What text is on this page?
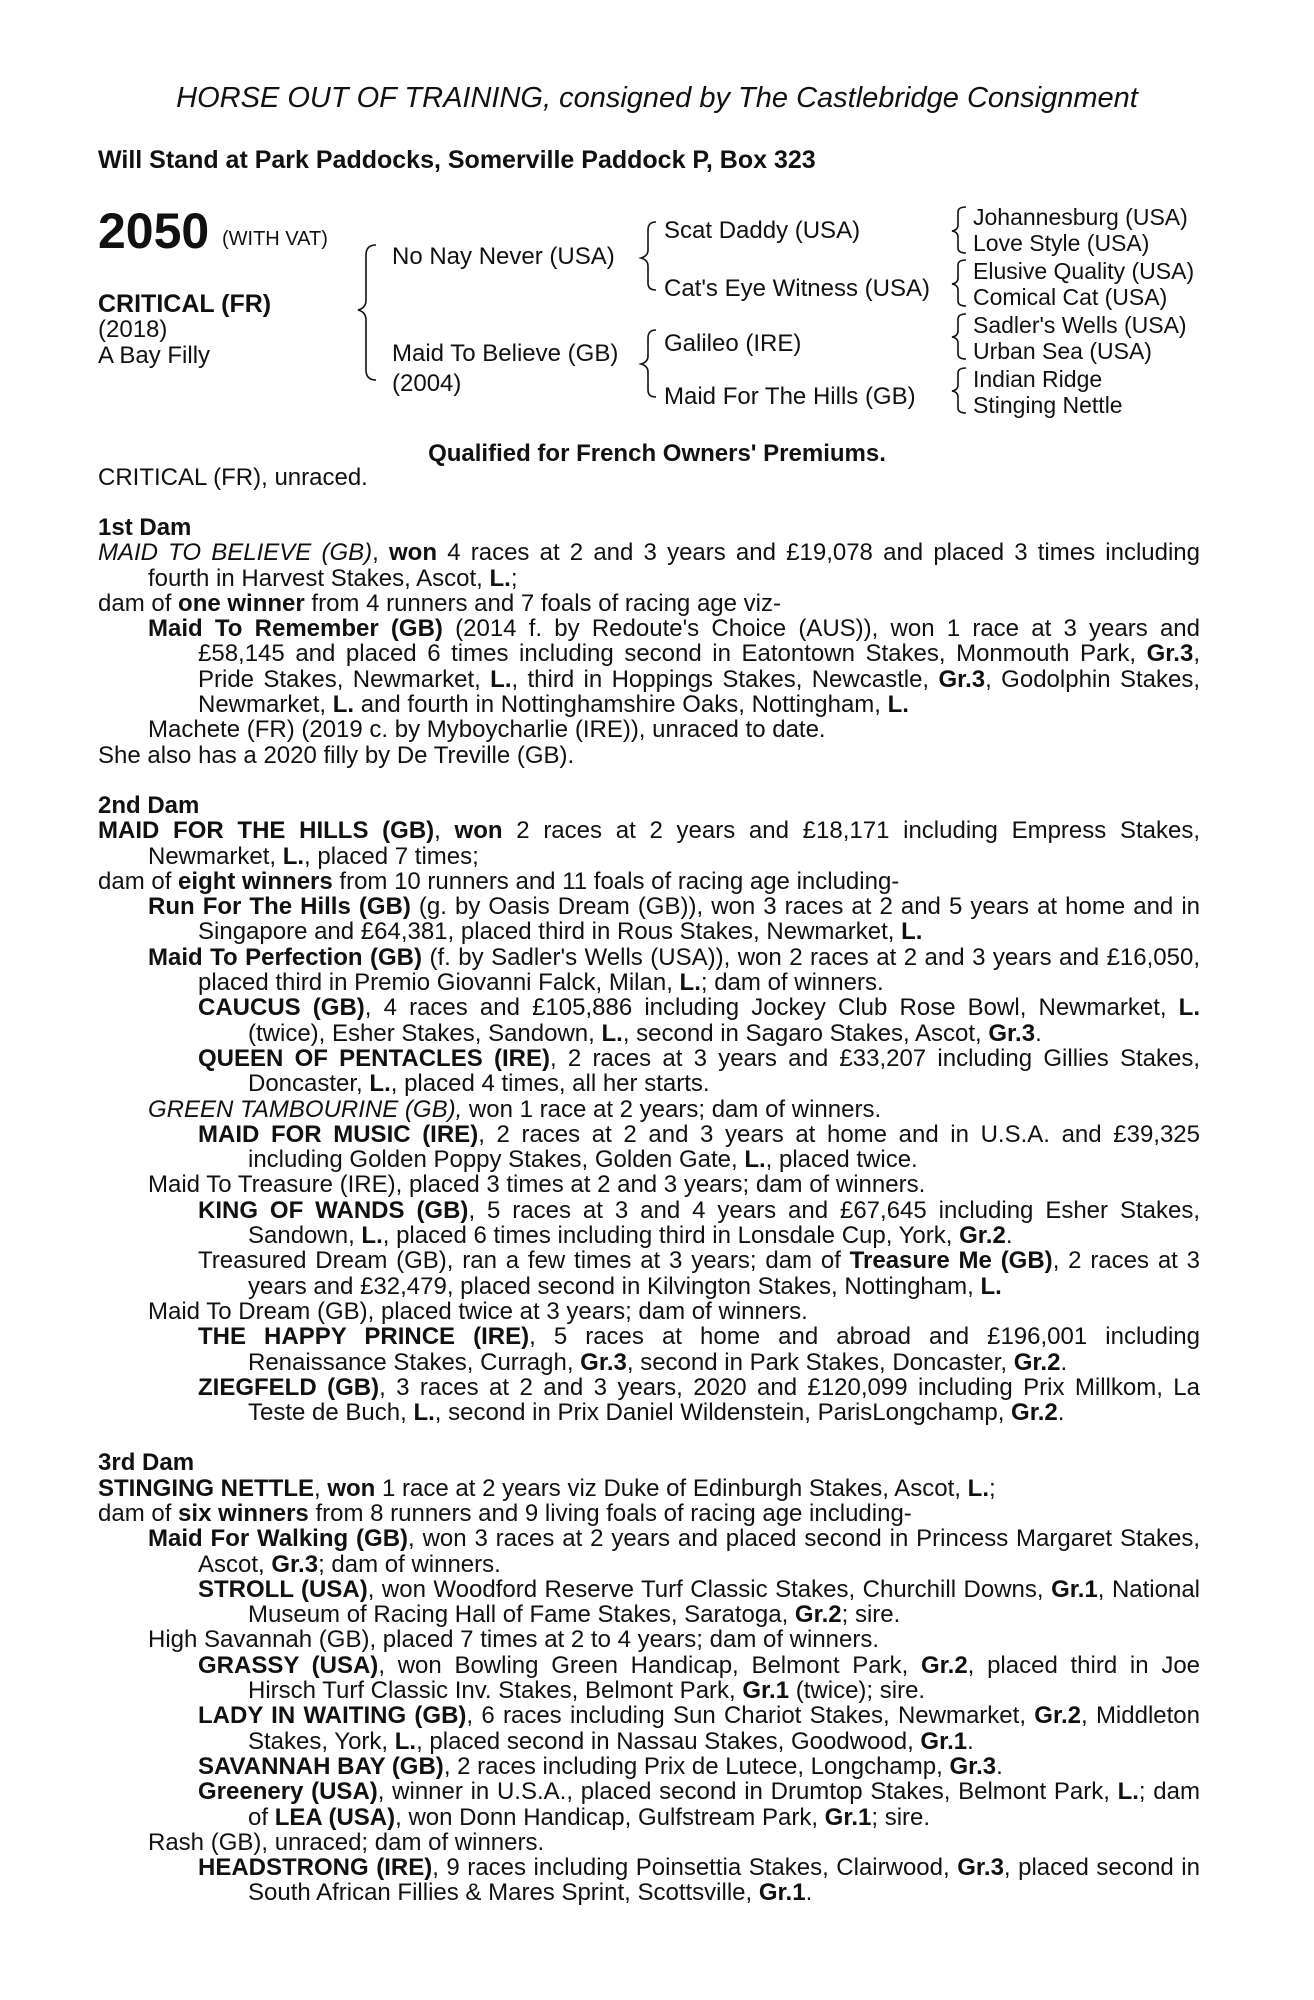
HORSE OUT OF TRAINING, consigned by The Castlebridge Consignment
Will Stand at Park Paddocks, Somerville Paddock P, Box 323
2050 (WITH VAT)
CRITICAL (FR)
(2018)
A Bay Filly
No Nay Never (USA)
Maid To Believe (GB)
(2004)
Scat Daddy (USA)
Cat's Eye Witness (USA)
Galileo (IRE)
Maid For The Hills (GB)
Johannesburg (USA)
Love Style (USA)
Elusive Quality (USA)
Comical Cat (USA)
Sadler's Wells (USA)
Urban Sea (USA)
Indian Ridge
Stinging Nettle
Qualified for French Owners' Premiums.
CRITICAL (FR), unraced.

1st Dam

MAID TO BELIEVE (GB), won 4 races at 2 and 3 years and £19,078 and placed 3 times including fourth in Harvest Stakes, Ascot, L.;

dam of one winner from 4 runners and 7 foals of racing age viz-

Maid To Remember (GB) (2014 f. by Redoute's Choice (AUS)), won 1 race at 3 years and £58,145 and placed 6 times including second in Eatontown Stakes, Monmouth Park, Gr.3, Pride Stakes, Newmarket, L., third in Hoppings Stakes, Newcastle, Gr.3, Godolphin Stakes, Newmarket, L. and fourth in Nottinghamshire Oaks, Nottingham, L.

Machete (FR) (2019 c. by Myboycharlie (IRE)), unraced to date.

She also has a 2020 filly by De Treville (GB).

2nd Dam

MAID FOR THE HILLS (GB), won 2 races at 2 years and £18,171 including Empress Stakes, Newmarket, L., placed 7 times;

dam of eight winners from 10 runners and 11 foals of racing age including-

Run For The Hills (GB) (g. by Oasis Dream (GB)), won 3 races at 2 and 5 years at home and in Singapore and £64,381, placed third in Rous Stakes, Newmarket, L.

Maid To Perfection (GB) (f. by Sadler's Wells (USA)), won 2 races at 2 and 3 years and £16,050, placed third in Premio Giovanni Falck, Milan, L.; dam of winners.

CAUCUS (GB), 4 races and £105,886 including Jockey Club Rose Bowl, Newmarket, L. (twice), Esher Stakes, Sandown, L., second in Sagaro Stakes, Ascot, Gr.3.

QUEEN OF PENTACLES (IRE), 2 races at 3 years and £33,207 including Gillies Stakes, Doncaster, L., placed 4 times, all her starts.

GREEN TAMBOURINE (GB), won 1 race at 2 years; dam of winners.

MAID FOR MUSIC (IRE), 2 races at 2 and 3 years at home and in U.S.A. and £39,325 including Golden Poppy Stakes, Golden Gate, L., placed twice.

Maid To Treasure (IRE), placed 3 times at 2 and 3 years; dam of winners.

KING OF WANDS (GB), 5 races at 3 and 4 years and £67,645 including Esher Stakes, Sandown, L., placed 6 times including third in Lonsdale Cup, York, Gr.2.

Treasured Dream (GB), ran a few times at 3 years; dam of Treasure Me (GB), 2 races at 3 years and £32,479, placed second in Kilvington Stakes, Nottingham, L.

Maid To Dream (GB), placed twice at 3 years; dam of winners.

THE HAPPY PRINCE (IRE), 5 races at home and abroad and £196,001 including Renaissance Stakes, Curragh, Gr.3, second in Park Stakes, Doncaster, Gr.2.

ZIEGFELD (GB), 3 races at 2 and 3 years, 2020 and £120,099 including Prix Millkom, La Teste de Buch, L., second in Prix Daniel Wildenstein, ParisLongchamp, Gr.2.

3rd Dam

STINGING NETTLE, won 1 race at 2 years viz Duke of Edinburgh Stakes, Ascot, L.;

dam of six winners from 8 runners and 9 living foals of racing age including-

Maid For Walking (GB), won 3 races at 2 years and placed second in Princess Margaret Stakes, Ascot, Gr.3; dam of winners.

STROLL (USA), won Woodford Reserve Turf Classic Stakes, Churchill Downs, Gr.1, National Museum of Racing Hall of Fame Stakes, Saratoga, Gr.2; sire.

High Savannah (GB), placed 7 times at 2 to 4 years; dam of winners.

GRASSY (USA), won Bowling Green Handicap, Belmont Park, Gr.2, placed third in Joe Hirsch Turf Classic Inv. Stakes, Belmont Park, Gr.1 (twice); sire.

LADY IN WAITING (GB), 6 races including Sun Chariot Stakes, Newmarket, Gr.2, Middleton Stakes, York, L., placed second in Nassau Stakes, Goodwood, Gr.1.

SAVANNAH BAY (GB), 2 races including Prix de Lutece, Longchamp, Gr.3.

Greenery (USA), winner in U.S.A., placed second in Drumtop Stakes, Belmont Park, L.; dam of LEA (USA), won Donn Handicap, Gulfstream Park, Gr.1; sire.

Rash (GB), unraced; dam of winners.

HEADSTRONG (IRE), 9 races including Poinsettia Stakes, Clairwood, Gr.3, placed second in South African Fillies & Mares Sprint, Scottsville, Gr.1.
